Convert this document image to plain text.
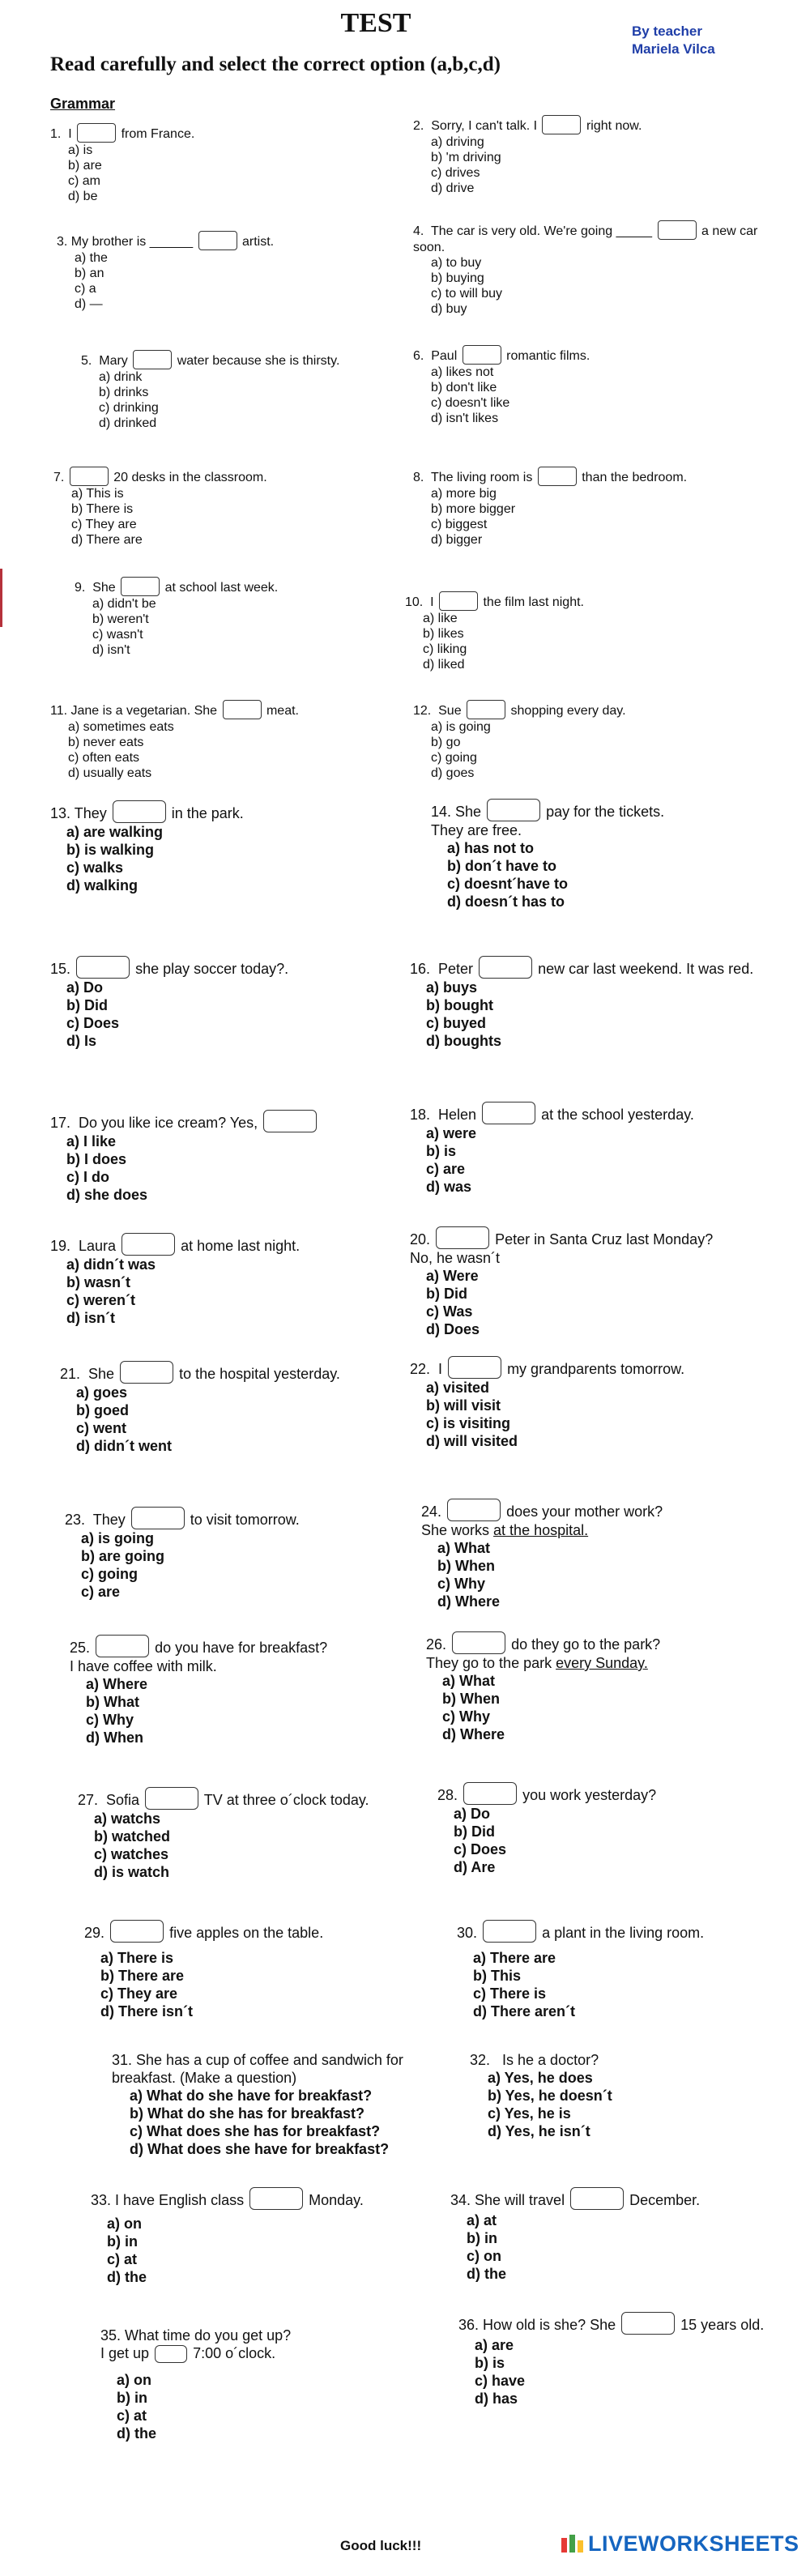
TEST	By teacher
Mariela Vilca
Read carefully and select the correct option (a,b,c,d)
Grammar
1.  I	from France.
a) is
b) are
c) am
d) be
2.  Sorry, I can't talk. I	right now.
a) driving
b) 'm driving
c) drives
d) drive
3. My brother is ______	artist.
a) the
b) an
c) a
d) —
4.  The car is very old. We're going _____	a new car soon.
a) to buy
b) buying
c) to will buy
d) buy
5.  Mary	water because she is thirsty.
a) drink
b) drinks
c) drinking
d) drinked
6.  Paul	romantic films.
a) likes not
b) don't like
c) doesn't like
d) isn't likes
7.	20 desks in the classroom.
a) This is
b) There is
c) They are
d) There are
8.  The living room is	than the bedroom.
a) more big
b) more bigger
c) biggest
d) bigger
9.  She	at school last week.
a) didn't be
b) weren't
c) wasn't
d) isn't
10.  I	the film last night.
a) like
b) likes
c) liking
d) liked
11. Jane is a vegetarian. She	meat.
a) sometimes eats
b) never eats
c) often eats
d) usually eats
12.  Sue	shopping every day.
a) is going
b) go
c) going
d) goes
13. They	in the park.
a) are walking
b) is walking
c) walks
d) walking
14. She	pay for the tickets.
They are free.
a) has not to
b) don´t have to
c) doesnt´have to
d) doesn´t has to
15.	she play soccer today?.
a) Do
b) Did
c) Does
d) Is
16.  Peter	new car last weekend. It was red.
a) buys
b) bought
c) buyed
d) boughts
17.  Do you like ice cream? Yes,
a) I like
b) I does
c) I do
d) she does
18.  Helen	at the school yesterday.
a) were
b) is
c) are
d) was
19.  Laura	at home last night.
a) didn´t was
b) wasn´t
c) weren´t
d) isn´t
20.	Peter in Santa Cruz last Monday?
No, he wasn´t
a) Were
b) Did
c) Was
d) Does
21.  She	to the hospital yesterday.
a) goes
b) goed
c) went
d) didn´t went
22.  I	my grandparents tomorrow.
a) visited
b) will visit
c) is visiting
d) will visited
23.  They	to visit tomorrow.
a) is going
b) are going
c) going
c) are
24.	does your mother work?
She works at the hospital.
a) What
b) When
c) Why
d) Where
25.	do you have for breakfast?
I have coffee with milk.
a) Where
b) What
c) Why
d) When
26.	do they go to the park?
They go to the park every Sunday.
a) What
b) When
c) Why
d) Where
27.  Sofia	TV at three o´clock today.
a) watchs
b) watched
c) watches
d) is watch
28.	you work yesterday?
a) Do
b) Did
c) Does
d) Are
29.	five apples on the table.
a) There is
b) There are
c) They are
d) There isn´t
30.	a plant in the living room.
a) There are
b) This
c) There is
d) There aren´t
31. She has a cup of coffee and sandwich for breakfast. (Make a question)
a) What do she have for breakfast?
b) What do she has for breakfast?
c) What does she has for breakfast?
d) What does she have for breakfast?
32.   Is he a doctor?
a) Yes, he does
b) Yes, he doesn´t
c) Yes, he is
d) Yes, he isn´t
33. I have English class	Monday.
a) on
b) in
c) at
d) the
34. She will travel	December.
a) at
b) in
c) on
d) the
35. What time do you get up?
I get up	7:00 o´clock.
a) on
b) in
c) at
d) the
36. How old is she? She	15 years old.
a) are
b) is
c) have
d) has
Good luck!!!	LIVEWORKSHEETS
